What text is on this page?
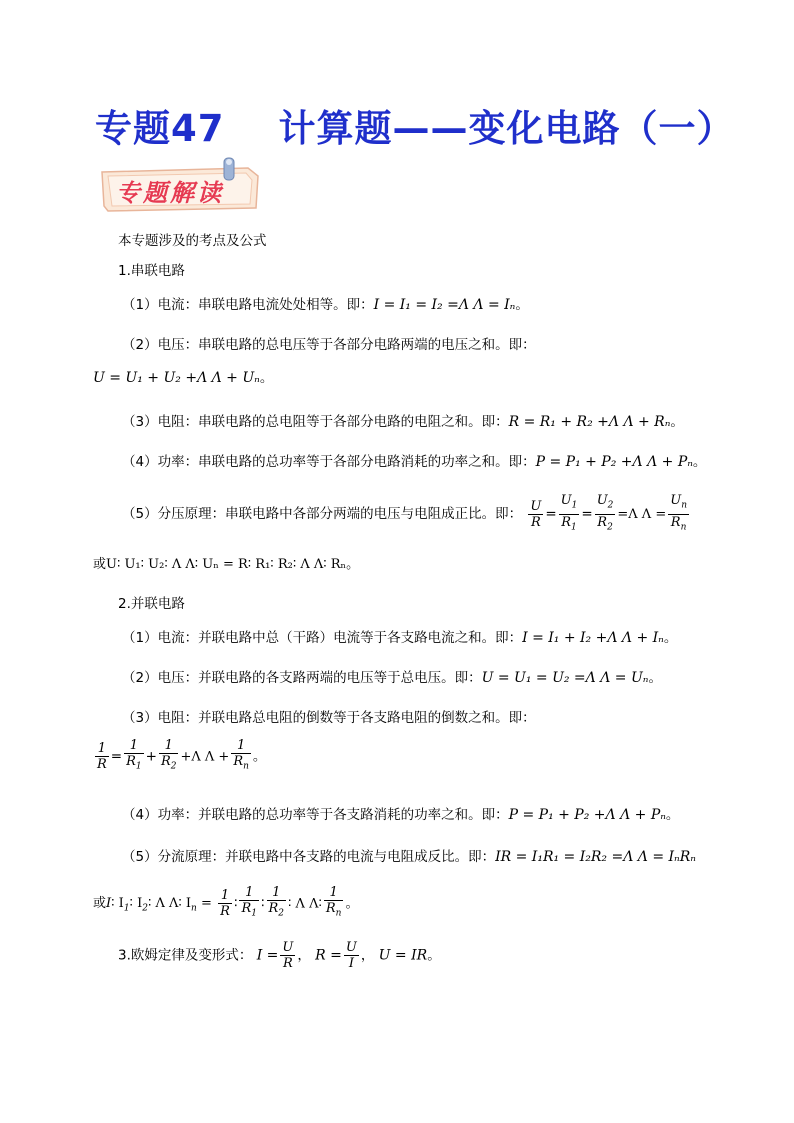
专题47 计算题——变化电路（一）
专题解读
本专题涉及的考点及公式
1.串联电路
（1）电流：串联电路电流处处相等。即：I = I₁ = I₂ =Λ Λ = Iₙ。
（2）电压：串联电路的总电压等于各部分电路两端的电压之和。即：
U = U₁ + U₂ +Λ Λ + Uₙ。
（3）电阻：串联电路的总电阻等于各部分电路的电阻之和。即：R = R₁ + R₂ +Λ Λ + Rₙ。
（4）功率：串联电路的总功率等于各部分电路消耗的功率之和。即：P = P₁ + P₂ +Λ Λ + Pₙ。
（5）分压原理：串联电路中各部分两端的电压与电阻成正比。即： $\frac{U}{R} = \frac{U_1}{R_1} = \frac{U_2}{R_2} =\Lambda$ $\Lambda = \frac{U_n}{R_n}$
或U∶ U₁∶ U₂∶ Λ Λ∶ Uₙ = R∶ R₁∶ R₂∶ Λ Λ∶ Rₙ。
2.并联电路
（1）电流：并联电路中总（干路）电流等于各支路电流之和。即：I = I₁ + I₂ +Λ Λ + Iₙ。
（2）电压：并联电路的各支路两端的电压等于总电压。即：U = U₁ = U₂ =Λ Λ = Uₙ。
（3）电阻：并联电路总电阻的倒数等于各支路电阻的倒数之和。即：
$\frac{1}{R} = \frac{1}{R_1} + \frac{1}{R_2} +\Lambda$ $\Lambda + \frac{1}{R_n}$ 。
（4）功率：并联电路的总功率等于各支路消耗的功率之和。即：P = P₁ + P₂ +Λ Λ + Pₙ。
（5）分流原理：并联电路中各支路的电流与电阻成反比。即：IR = I₁R₁ = I₂R₂ =Λ Λ = IₙRₙ
或I∶ $I_1∶$ $I_2∶$ Λ Λ∶ $I_n = \frac{1}{R}$ ∶ $\frac{1}{R_1}$ ∶ $\frac{1}{R_2}$ ∶ Λ Λ∶ $\frac{1}{R_n}$ 。
3.欧姆定律及变形式： $I = \frac{U}{R}$ ， $R = \frac{U}{I}$ ， U = IR。
